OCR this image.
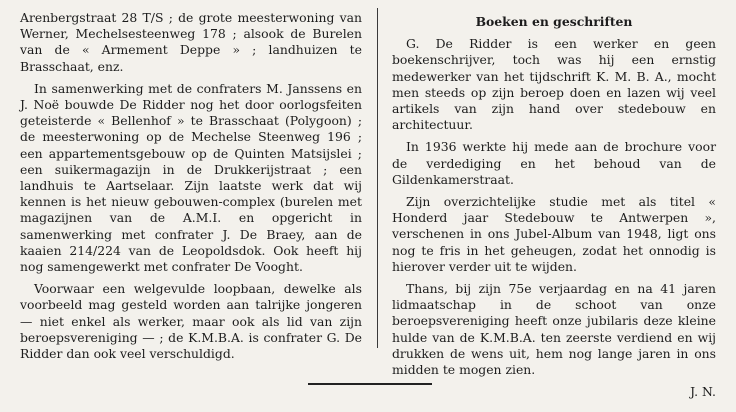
Arenbergstraat 28 T/S ; de grote meesterwoning van Werner, Mechelsesteenweg 178 ; alsook de Burelen van de « Armement Deppe » ; landhuizen te Brasschaat, enz.

In samenwerking met de confraters M. Janssens en J. Noë bouwde De Ridder nog het door oorlogsfeiten geteisterde « Bellenhof » te Brasschaat (Polygoon) ; de meesterwoning op de Mechelse Steenweg 196 ; een appartementsgebouw op de Quinten Matsijslei ; een suikermagazijn in de Drukkerijstraat ; een landhuis te Aartselaar. Zijn laatste werk dat wij kennen is het nieuw gebouwen-complex (burelen met magazijnen van de A.M.I. en opgericht in samenwerking met confrater J. De Braey, aan de kaaien 214/224 van de Leopoldsdok. Ook heeft hij nog samengewerkt met confrater De Vooght.

Voorwaar een welgevulde loopbaan, dewelke als voorbeeld mag gesteld worden aan talrijke jongeren — niet enkel als werker, maar ook als lid van zijn beroepsvereniging — ; de K.M.B.A. is confrater G. De Ridder dan ook veel verschuldigd.

Boeken en geschriften

G. De Ridder is een werker en geen boekenschrijver, toch was hij een ernstig medewerker van het tijdschrift K. M. B. A., mocht men steeds op zijn beroep doen en lazen wij veel artikels van zijn hand over stedebouw en architectuur.

In 1936 werkte hij mede aan de brochure voor de verdediging en het behoud van de Gildenkamerstraat.

Zijn overzichtelijke studie met als titel « Honderd jaar Stedebouw te Antwerpen », verschenen in ons Jubel-Album van 1948, ligt ons nog te fris in het geheugen, zodat het onnodig is hierover verder uit te wijden.

Thans, bij zijn 75e verjaardag en na 41 jaren lidmaatschap in de schoot van onze beroepsvereniging heeft onze jubilaris deze kleine hulde van de K.M.B.A. ten zeerste verdiend en wij drukken de wens uit, hem nog lange jaren in ons midden te mogen zien.

J. N.
